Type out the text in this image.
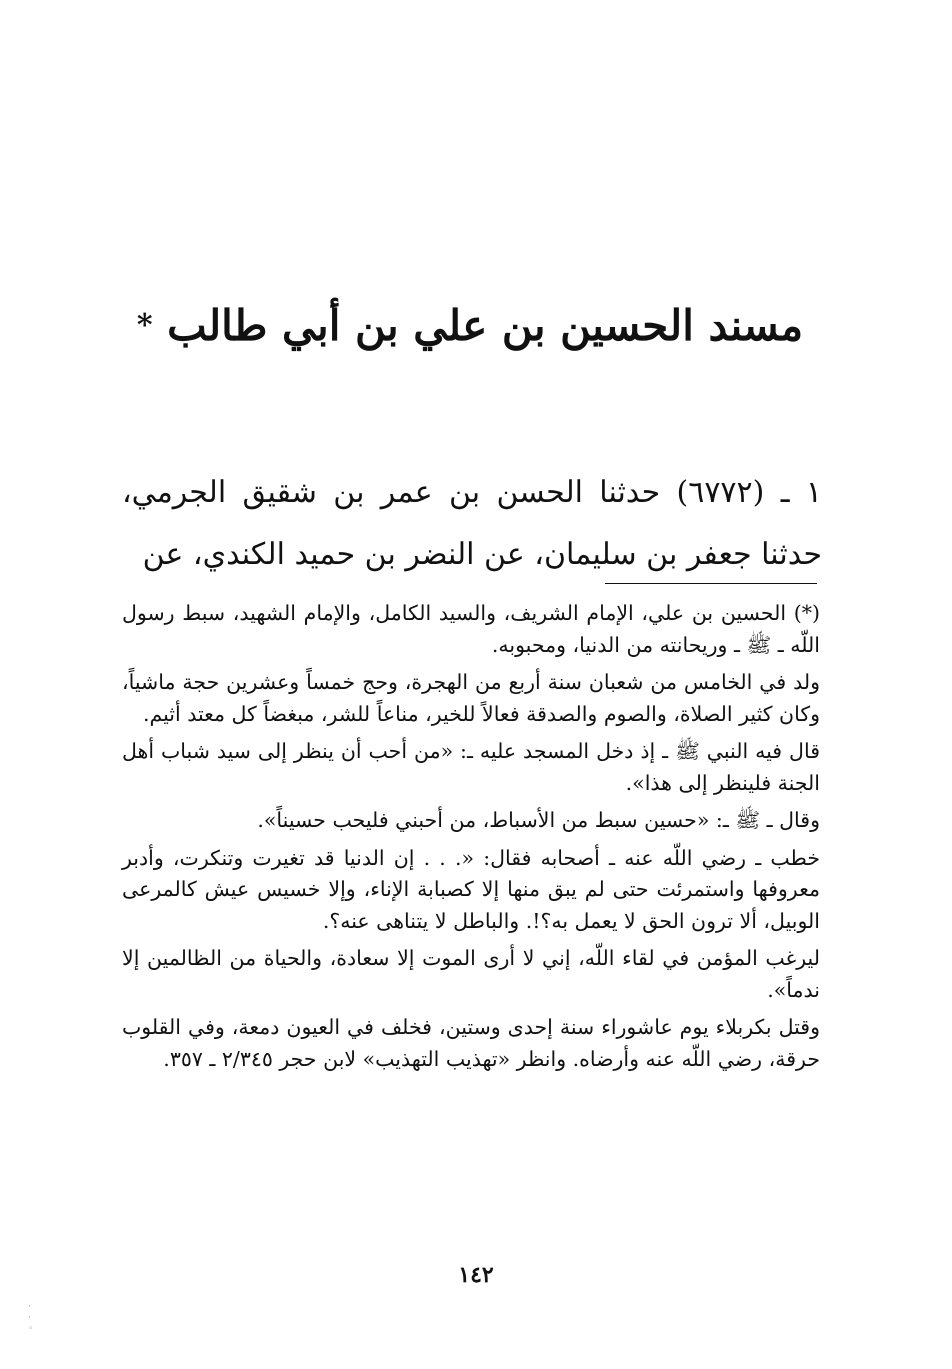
مسند الحسين بن علي بن أبي طالب *

١ ـ (٦٧٧٢) حدثنا الحسن بن عمر بن شقيق الجرمي، حدثنا جعفر بن سليمان، عن النضر بن حميد الكندي، عن

(*) الحسين بن علي، الإمام الشريف، والسيد الكامل، والإمام الشهيد، سبط رسول اللّه ـ ﷺ ـ وريحانته من الدنيا، ومحبوبه.

ولد في الخامس من شعبان سنة أربع من الهجرة، وحج خمساً وعشرين حجة ماشياً، وكان كثير الصلاة، والصوم والصدقة فعالاً للخير، مناعاً للشر، مبغضاً كل معتد أثيم.

قال فيه النبي ﷺ ـ إذ دخل المسجد عليه ـ: «من أحب أن ينظر إلى سيد شباب أهل الجنة فلينظر إلى هذا».

وقال ـ ﷺ ـ: «حسين سبط من الأسباط، من أحبني فليحب حسيناً».

خطب ـ رضي اللّه عنه ـ أصحابه فقال: «. . . إن الدنيا قد تغيرت وتنكرت، وأدبر معروفها واستمرئت حتى لم يبق منها إلا كصبابة الإناء، وإلا خسيس عيش كالمرعى الوبيل، ألا ترون الحق لا يعمل به؟!. والباطل لا يتناهى عنه؟.

ليرغب المؤمن في لقاء اللّه، إني لا أرى الموت إلا سعادة، والحياة من الظالمين إلا ندماً».

وقتل بكربلاء يوم عاشوراء سنة إحدى وستين، فخلف في العيون دمعة، وفي القلوب حرقة، رضي اللّه عنه وأرضاه. وانظر «تهذيب التهذيب» لابن حجر ٢/٣٤٥ ـ ٣٥٧.

١٤٢
·
·
◦
